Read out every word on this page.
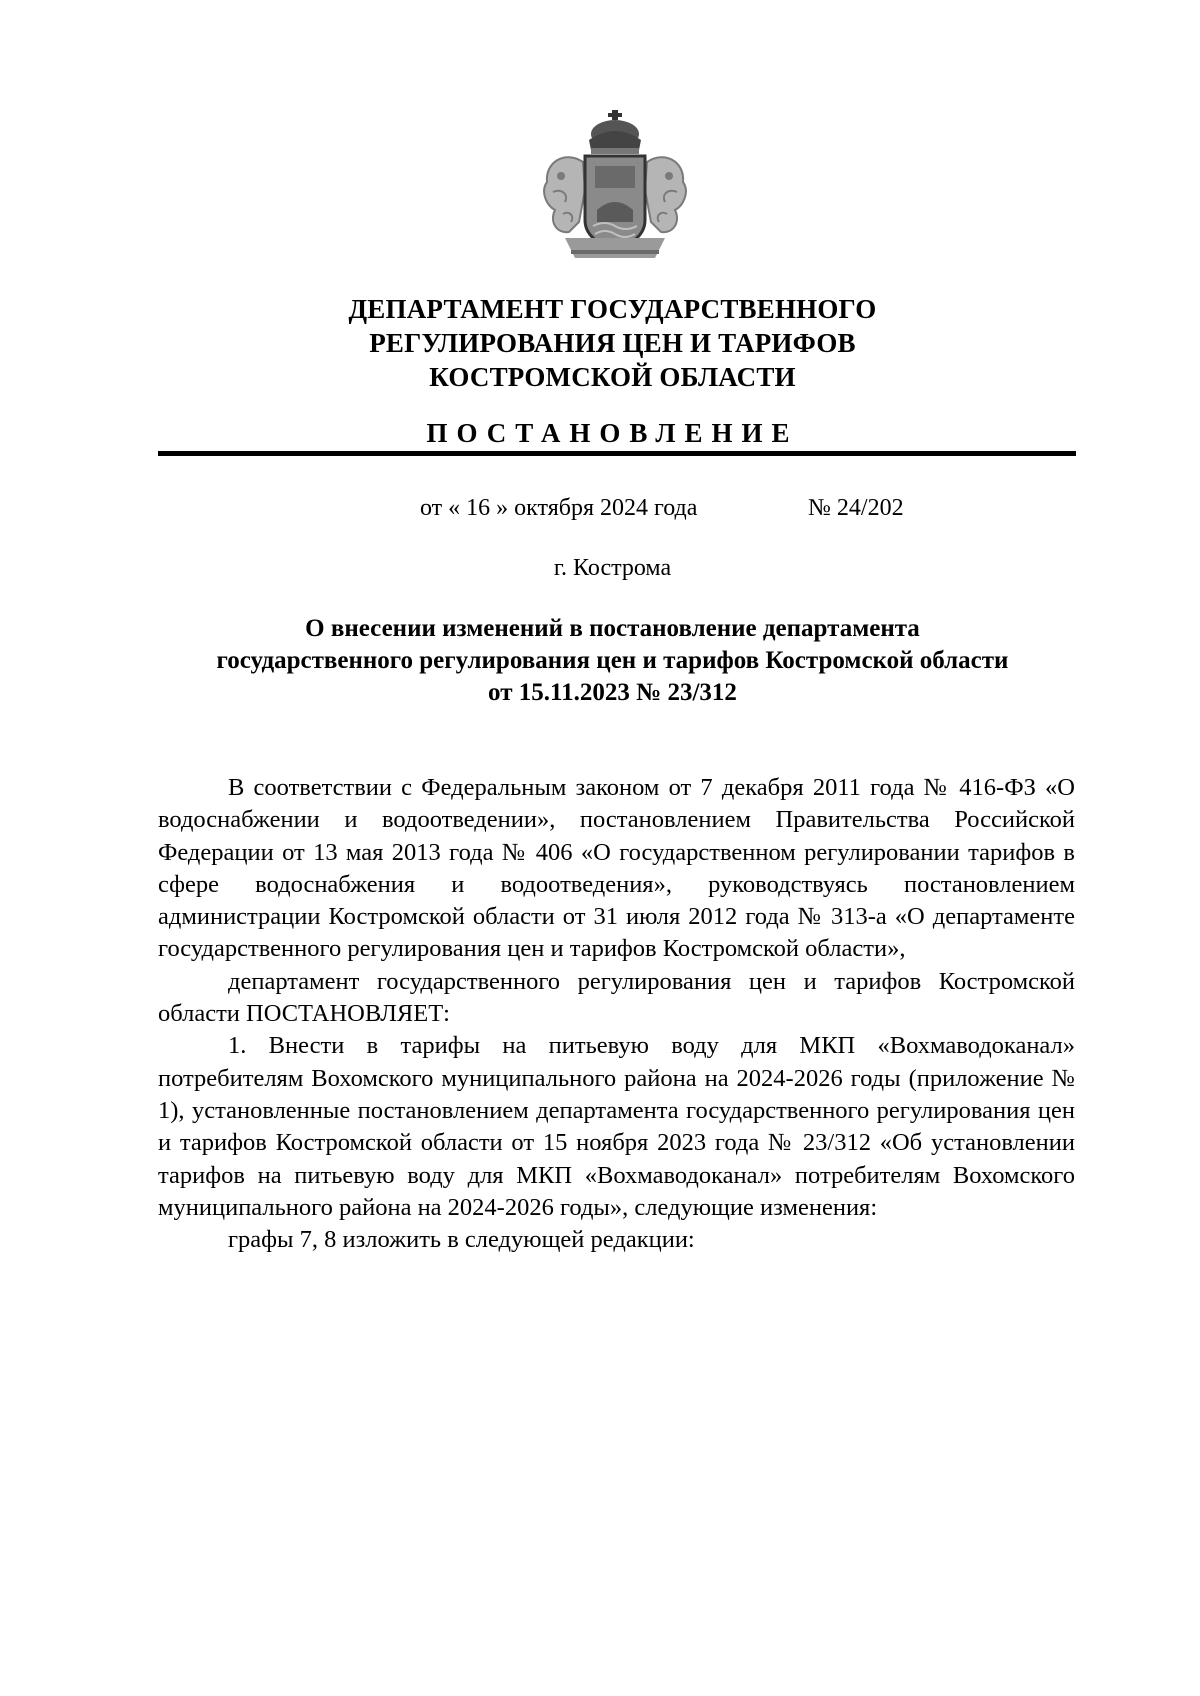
ДЕПАРТАМЕНТ ГОСУДАРСТВЕННОГО
РЕГУЛИРОВАНИЯ ЦЕН И ТАРИФОВ
КОСТРОМСКОЙ ОБЛАСТИ
ПОСТАНОВЛЕНИЕ
от « 16 » октября 2024 года	№ 24/202
г. Кострома
О внесении изменений в постановление департамента
государственного регулирования цен и тарифов Костромской области
от 15.11.2023 № 23/312

В соответствии с Федеральным законом от 7 декабря 2011 года № 416-ФЗ «О водоснабжении и водоотведении», постановлением Правительства Российской Федерации от 13 мая 2013 года № 406 «О государственном регулировании тарифов в сфере водоснабжения и водоотведения», руководствуясь постановлением администрации Костромской области от 31 июля 2012 года № 313-а «О департаменте государственного регулирования цен и тарифов Костромской области»,

департамент государственного регулирования цен и тарифов Костромской области ПОСТАНОВЛЯЕТ:

1. Внести в тарифы на питьевую воду для МКП «Вохмаводоканал» потребителям Вохомского муниципального района на 2024-2026 годы (приложение № 1), установленные постановлением департамента государственного регулирования цен и тарифов Костромской области от 15 ноября 2023 года № 23/312 «Об установлении тарифов на питьевую воду для МКП «Вохмаводоканал» потребителям Вохомского муниципального района на 2024-2026 годы», следующие изменения:

графы 7, 8 изложить в следующей редакции:
